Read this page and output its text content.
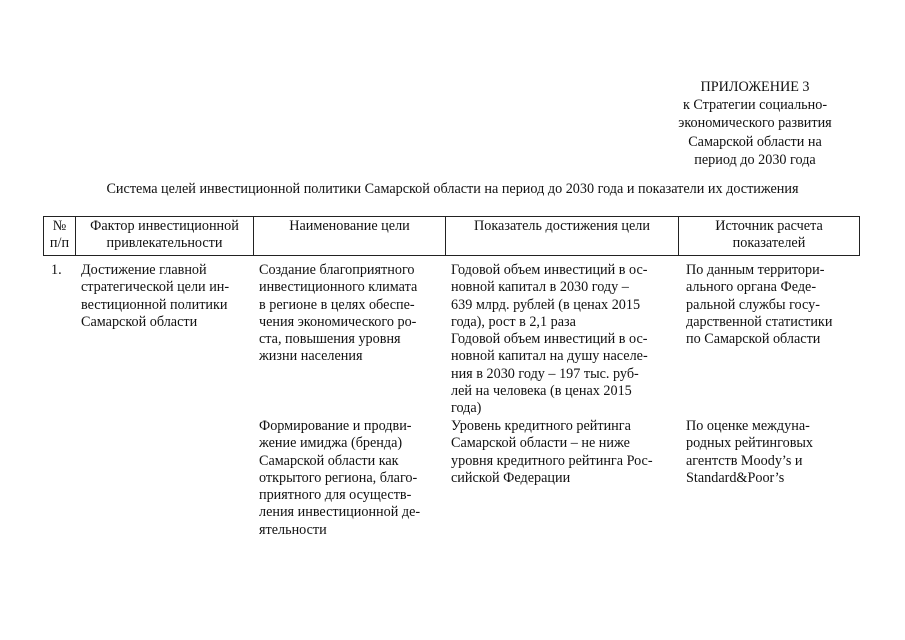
ПРИЛОЖЕНИЕ 3
к Стратегии социально-
экономического развития
Самарской области на
период до 2030 года
Система целей инвестиционной политики Самарской области на период до 2030 года и показатели их достижения
№
п/п
Фактор инвестиционной
привлекательности
Наименование цели	Показатель достижения цели	Источник расчета
показателей
1. Достижение главной
стратегической цели ин-
вестиционной политики
Самарской области
Создание благоприятного
инвестиционного климата
в регионе в целях обеспе-
чения экономического ро-
ста, повышения уровня
жизни населения
Годовой объем инвестиций в ос-
новной капитал в 2030 году –
639 млрд. рублей (в ценах 2015
года), рост в 2,1 раза
Годовой объем инвестиций в ос-
новной капитал на душу населе-
ния в 2030 году – 197 тыс. руб-
лей на человека (в ценах 2015
года)
По данным территори-
ального органа Феде-
ральной службы госу-
дарственной статистики
по Самарской области
Формирование и продви-
жение имиджа (бренда)
Самарской области как
открытого региона, благо-
приятного для осуществ-
ления инвестиционной де-
ятельности
Уровень кредитного рейтинга
Самарской области – не ниже
уровня кредитного рейтинга Рос-
сийской Федерации
По оценке междуна-
родных рейтинговых
агентств Moody’s и
Standard&Poor’s
